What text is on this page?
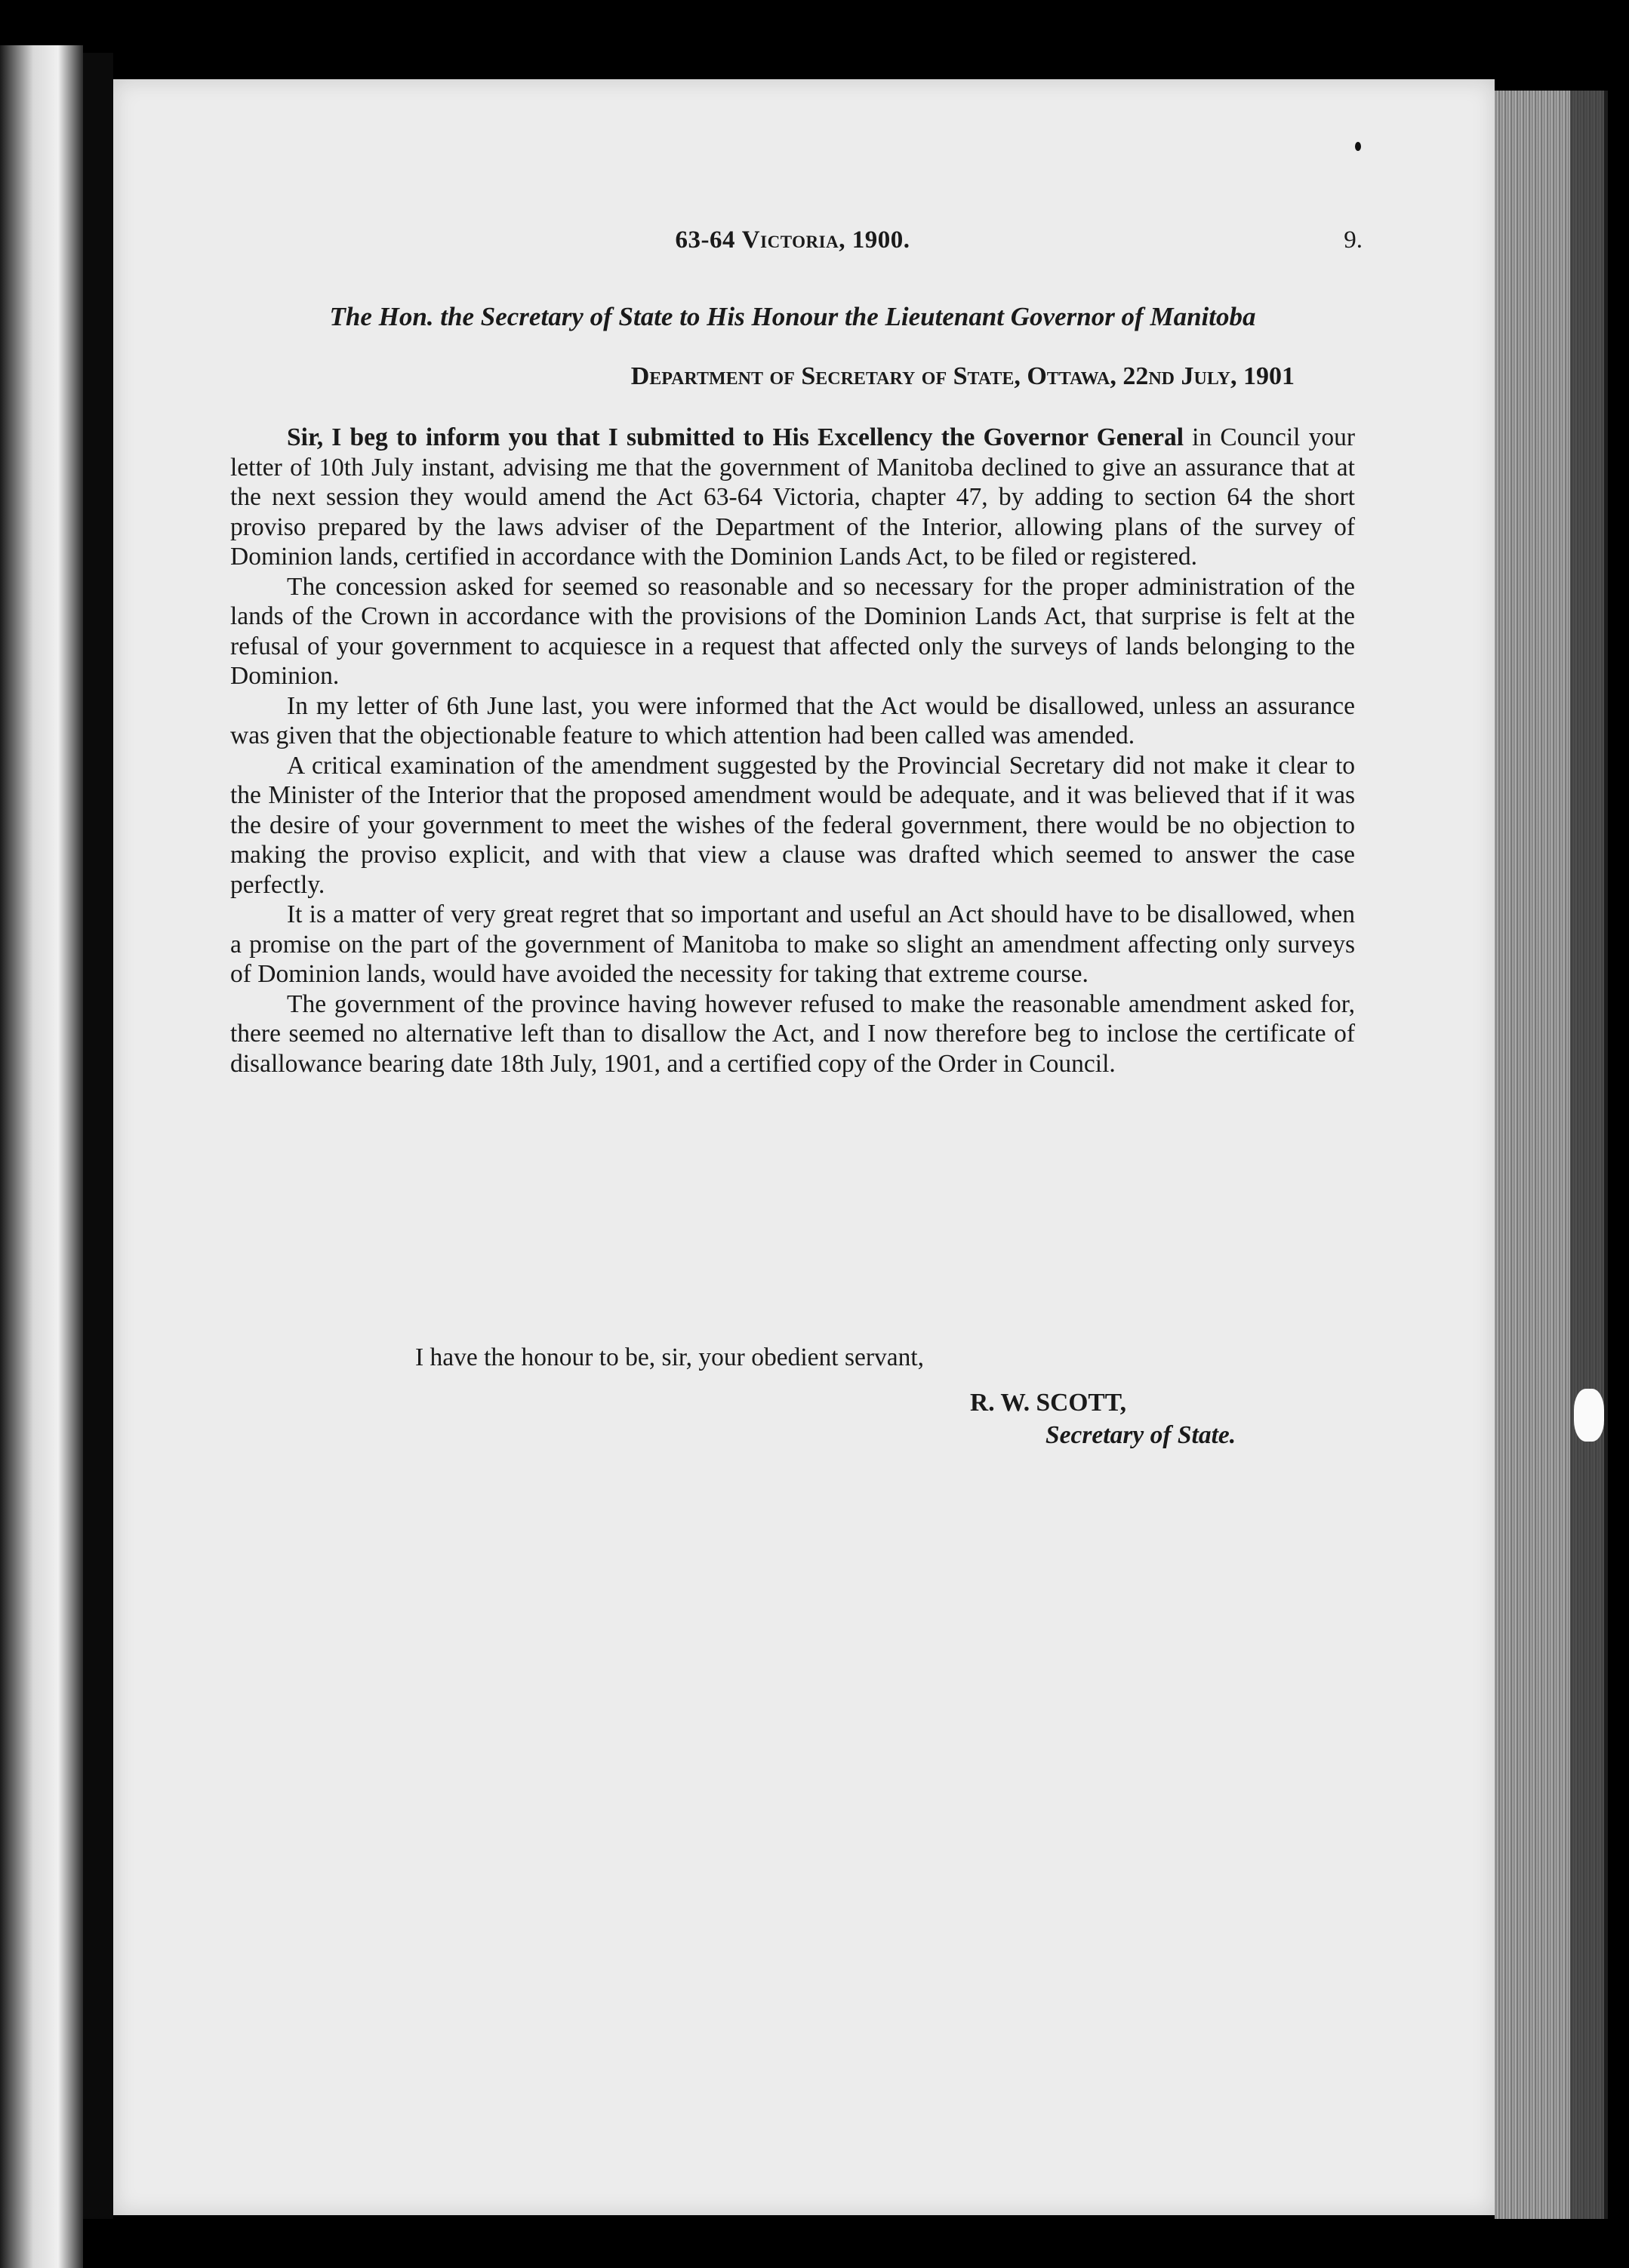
63-64 Victoria, 1900.	9.
The Hon. the Secretary of State to His Honour the Lieutenant Governor of Manitoba
Department of Secretary of State, Ottawa, 22nd July, 1901

Sir, I beg to inform you that I submitted to His Excellency the Governor General in Council your letter of 10th July instant, advising me that the government of Manitoba declined to give an assurance that at the next session they would amend the Act 63-64 Victoria, chapter 47, by adding to section 64 the short proviso prepared by the laws adviser of the Department of the Interior, allowing plans of the survey of Dominion lands, certified in accordance with the Dominion Lands Act, to be filed or registered.

The concession asked for seemed so reasonable and so necessary for the proper administration of the lands of the Crown in accordance with the provisions of the Dominion Lands Act, that surprise is felt at the refusal of your government to acquiesce in a request that affected only the surveys of lands belonging to the Dominion.

In my letter of 6th June last, you were informed that the Act would be disallowed, unless an assurance was given that the objectionable feature to which attention had been called was amended.

A critical examination of the amendment suggested by the Provincial Secretary did not make it clear to the Minister of the Interior that the proposed amendment would be adequate, and it was believed that if it was the desire of your government to meet the wishes of the federal government, there would be no objection to making the proviso explicit, and with that view a clause was drafted which seemed to answer the case perfectly.

It is a matter of very great regret that so important and useful an Act should have to be disallowed, when a promise on the part of the government of Manitoba to make so slight an amendment affecting only surveys of Dominion lands, would have avoided the necessity for taking that extreme course.

The government of the province having however refused to make the reasonable amendment asked for, there seemed no alternative left than to disallow the Act, and I now therefore beg to inclose the certificate of disallowance bearing date 18th July, 1901, and a certified copy of the Order in Council.

I have the honour to be, sir, your obedient servant,
R. W. SCOTT,
Secretary of State.
